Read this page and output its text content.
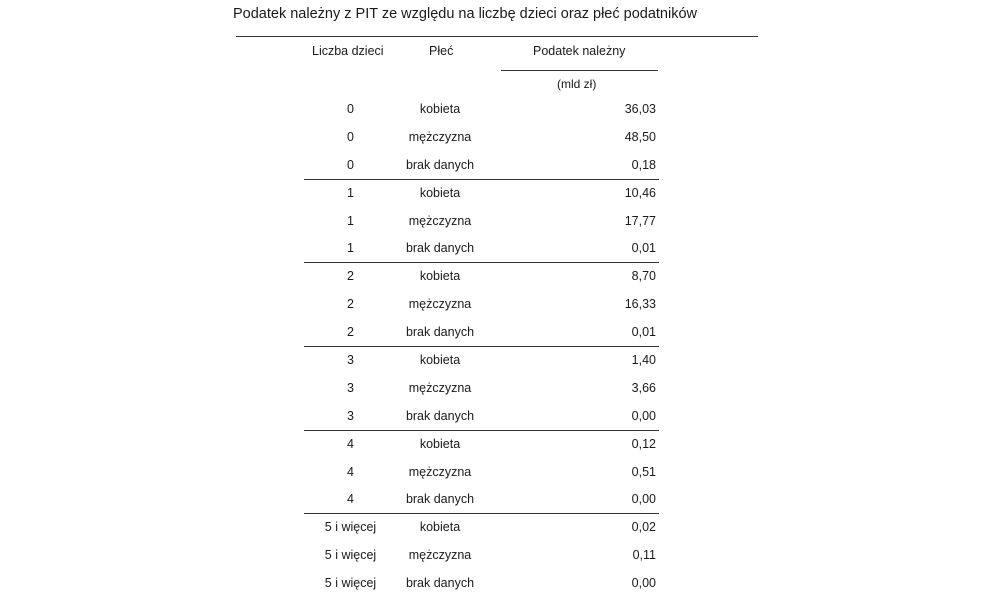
Podatek należny z PIT ze względu na liczbę dzieci oraz płeć podatników
Liczba dzieci	Płeć	Podatek należny
(mld zł)
0	kobieta	36,03
0	mężczyzna	48,50
0	brak danych	0,18
1	kobieta	10,46
1	mężczyzna	17,77
1	brak danych	0,01
2	kobieta	8,70
2	mężczyzna	16,33
2	brak danych	0,01
3	kobieta	1,40
3	mężczyzna	3,66
3	brak danych	0,00
4	kobieta	0,12
4	mężczyzna	0,51
4	brak danych	0,00
5 i więcej	kobieta	0,02
5 i więcej	mężczyzna	0,11
5 i więcej	brak danych	0,00
